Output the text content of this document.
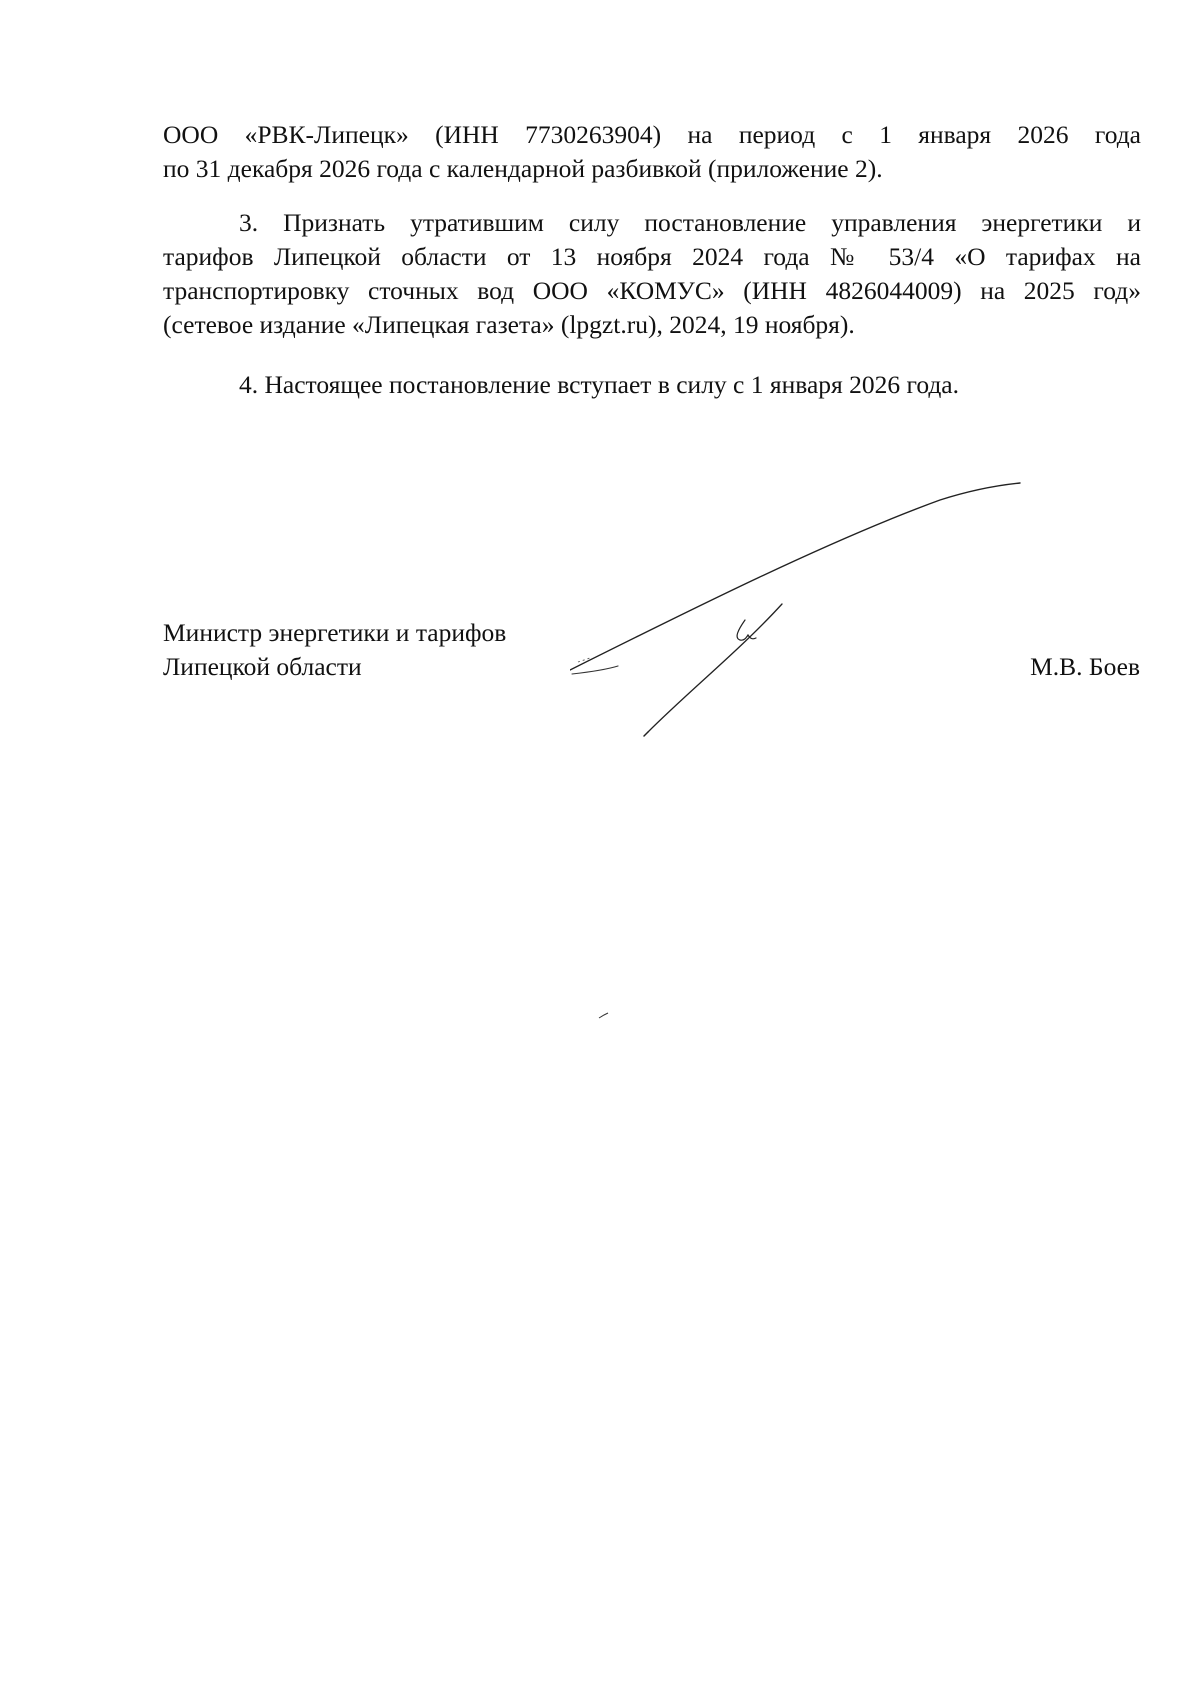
ООО «РВК-Липецк» (ИНН 7730263904) на период с 1 января 2026 года
по 31 декабря 2026 года с календарной разбивкой (приложение 2).
3. Признать утратившим силу постановление управления энергетики и
тарифов Липецкой области от 13 ноября 2024 года № 53/4 «О тарифах на
транспортировку сточных вод ООО «КОМУС» (ИНН 4826044009) на 2025 год»
(сетевое издание «Липецкая газета» (lpgzt.ru), 2024, 19 ноября).
4. Настоящее постановление вступает в силу с 1 января 2026 года.
Министр энергетики и тарифов
Липецкой области	М.В. Боев
